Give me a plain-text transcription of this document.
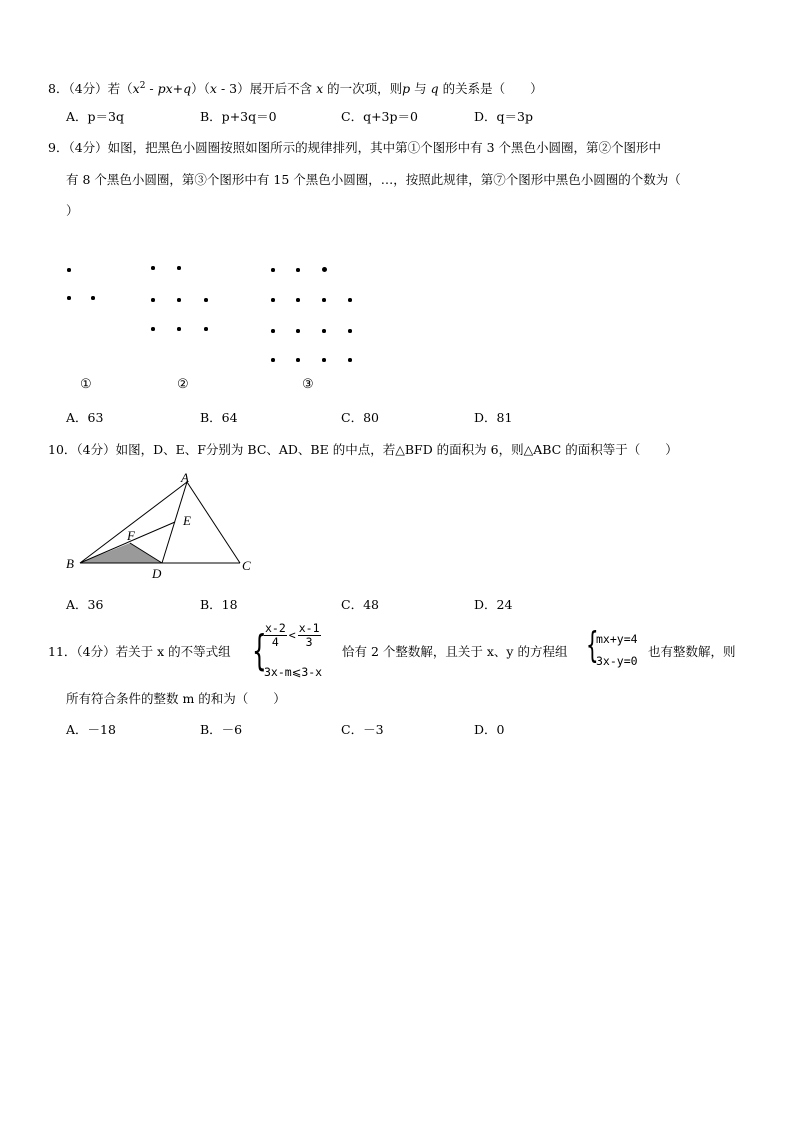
8．（4分）若$(x^2 - px+q)(x - 3)$展开后不含 x 的一次项，则p 与 q 的关系是（　　）
A．p＝3q	B．p+3q＝0	C．q+3p＝0	D．q＝3p
9．（4分）如图，把黑色小圆圈按照如图所示的规律排列，其中第①个图形中有 3 个黑色小圆圈，第②个图形中
有 8 个黑色小圆圈，第③个图形中有 15 个黑色小圆圈，…，按照此规律，第⑦个图形中黑色小圆圈的个数为（
）
①	②	③
A．63	B．64	C．80	D．81
10．（4分）如图，D、E、F分别为 BC、AD、BE 的中点，若△BFD 的面积为 6，则△ABC 的面积等于（　　）
A
B	C
D
E
F
A．36	B．18	C．48	D．24
11．（4分）若关于 x 的不等式组 {
$\frac{x-2}{4} < \frac{x-1}{3}$
3x-m⩽3-x
恰有 2 个整数解，且关于 x、y 的方程组 {
mx+y=4
3x-y=0
也有整数解，则
所有符合条件的整数 m 的和为（　　）
A．－18	B．－6	C．－3	D．0
